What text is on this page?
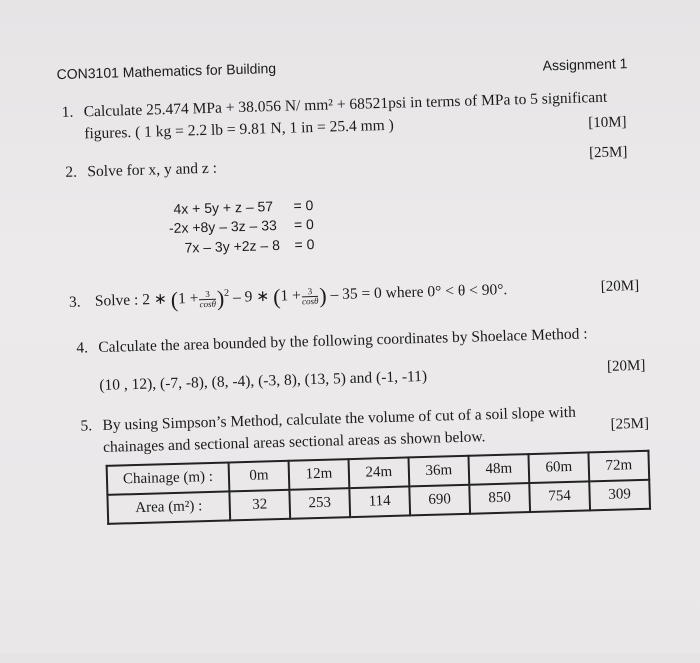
CON3101 Mathematics for Building	Assignment 1
1. Calculate 25.474 MPa + 38.056 N/ mm² + 68521psi in terms of MPa to 5 significant
figures. ( 1 kg = 2.2 lb = 9.81 N, 1 in = 25.4 mm )	[10M]
2. Solve for x, y and z :
[25M]
4x + 5y + z – 57 = 0
-2x +8y – 3z – 33 = 0
7x – 3y +2z – 8 = 0
3. Solve : 2 ∗ $(1 + \frac{3}{\cos\theta} )^2 - 9$ ∗ ($1 + \frac{3}{\cos\theta}$ ) – 35 = 0 where 0° < θ < 90°.	[20M]
4. Calculate the area bounded by the following coordinates by Shoelace Method :
(10 , 12), (-7, -8), (8, -4), (-3, 8), (13, 5) and (-1, -11)
[20M]
5. By using Simpson’s Method, calculate the volume of cut of a soil slope with
chainages and sectional areas sectional areas as shown below.
[25M]
Chainage (m) :	0m	12m	24m	36m	48m	60m	72m
Area (m²) :	32	253	114	690	850	754	309
